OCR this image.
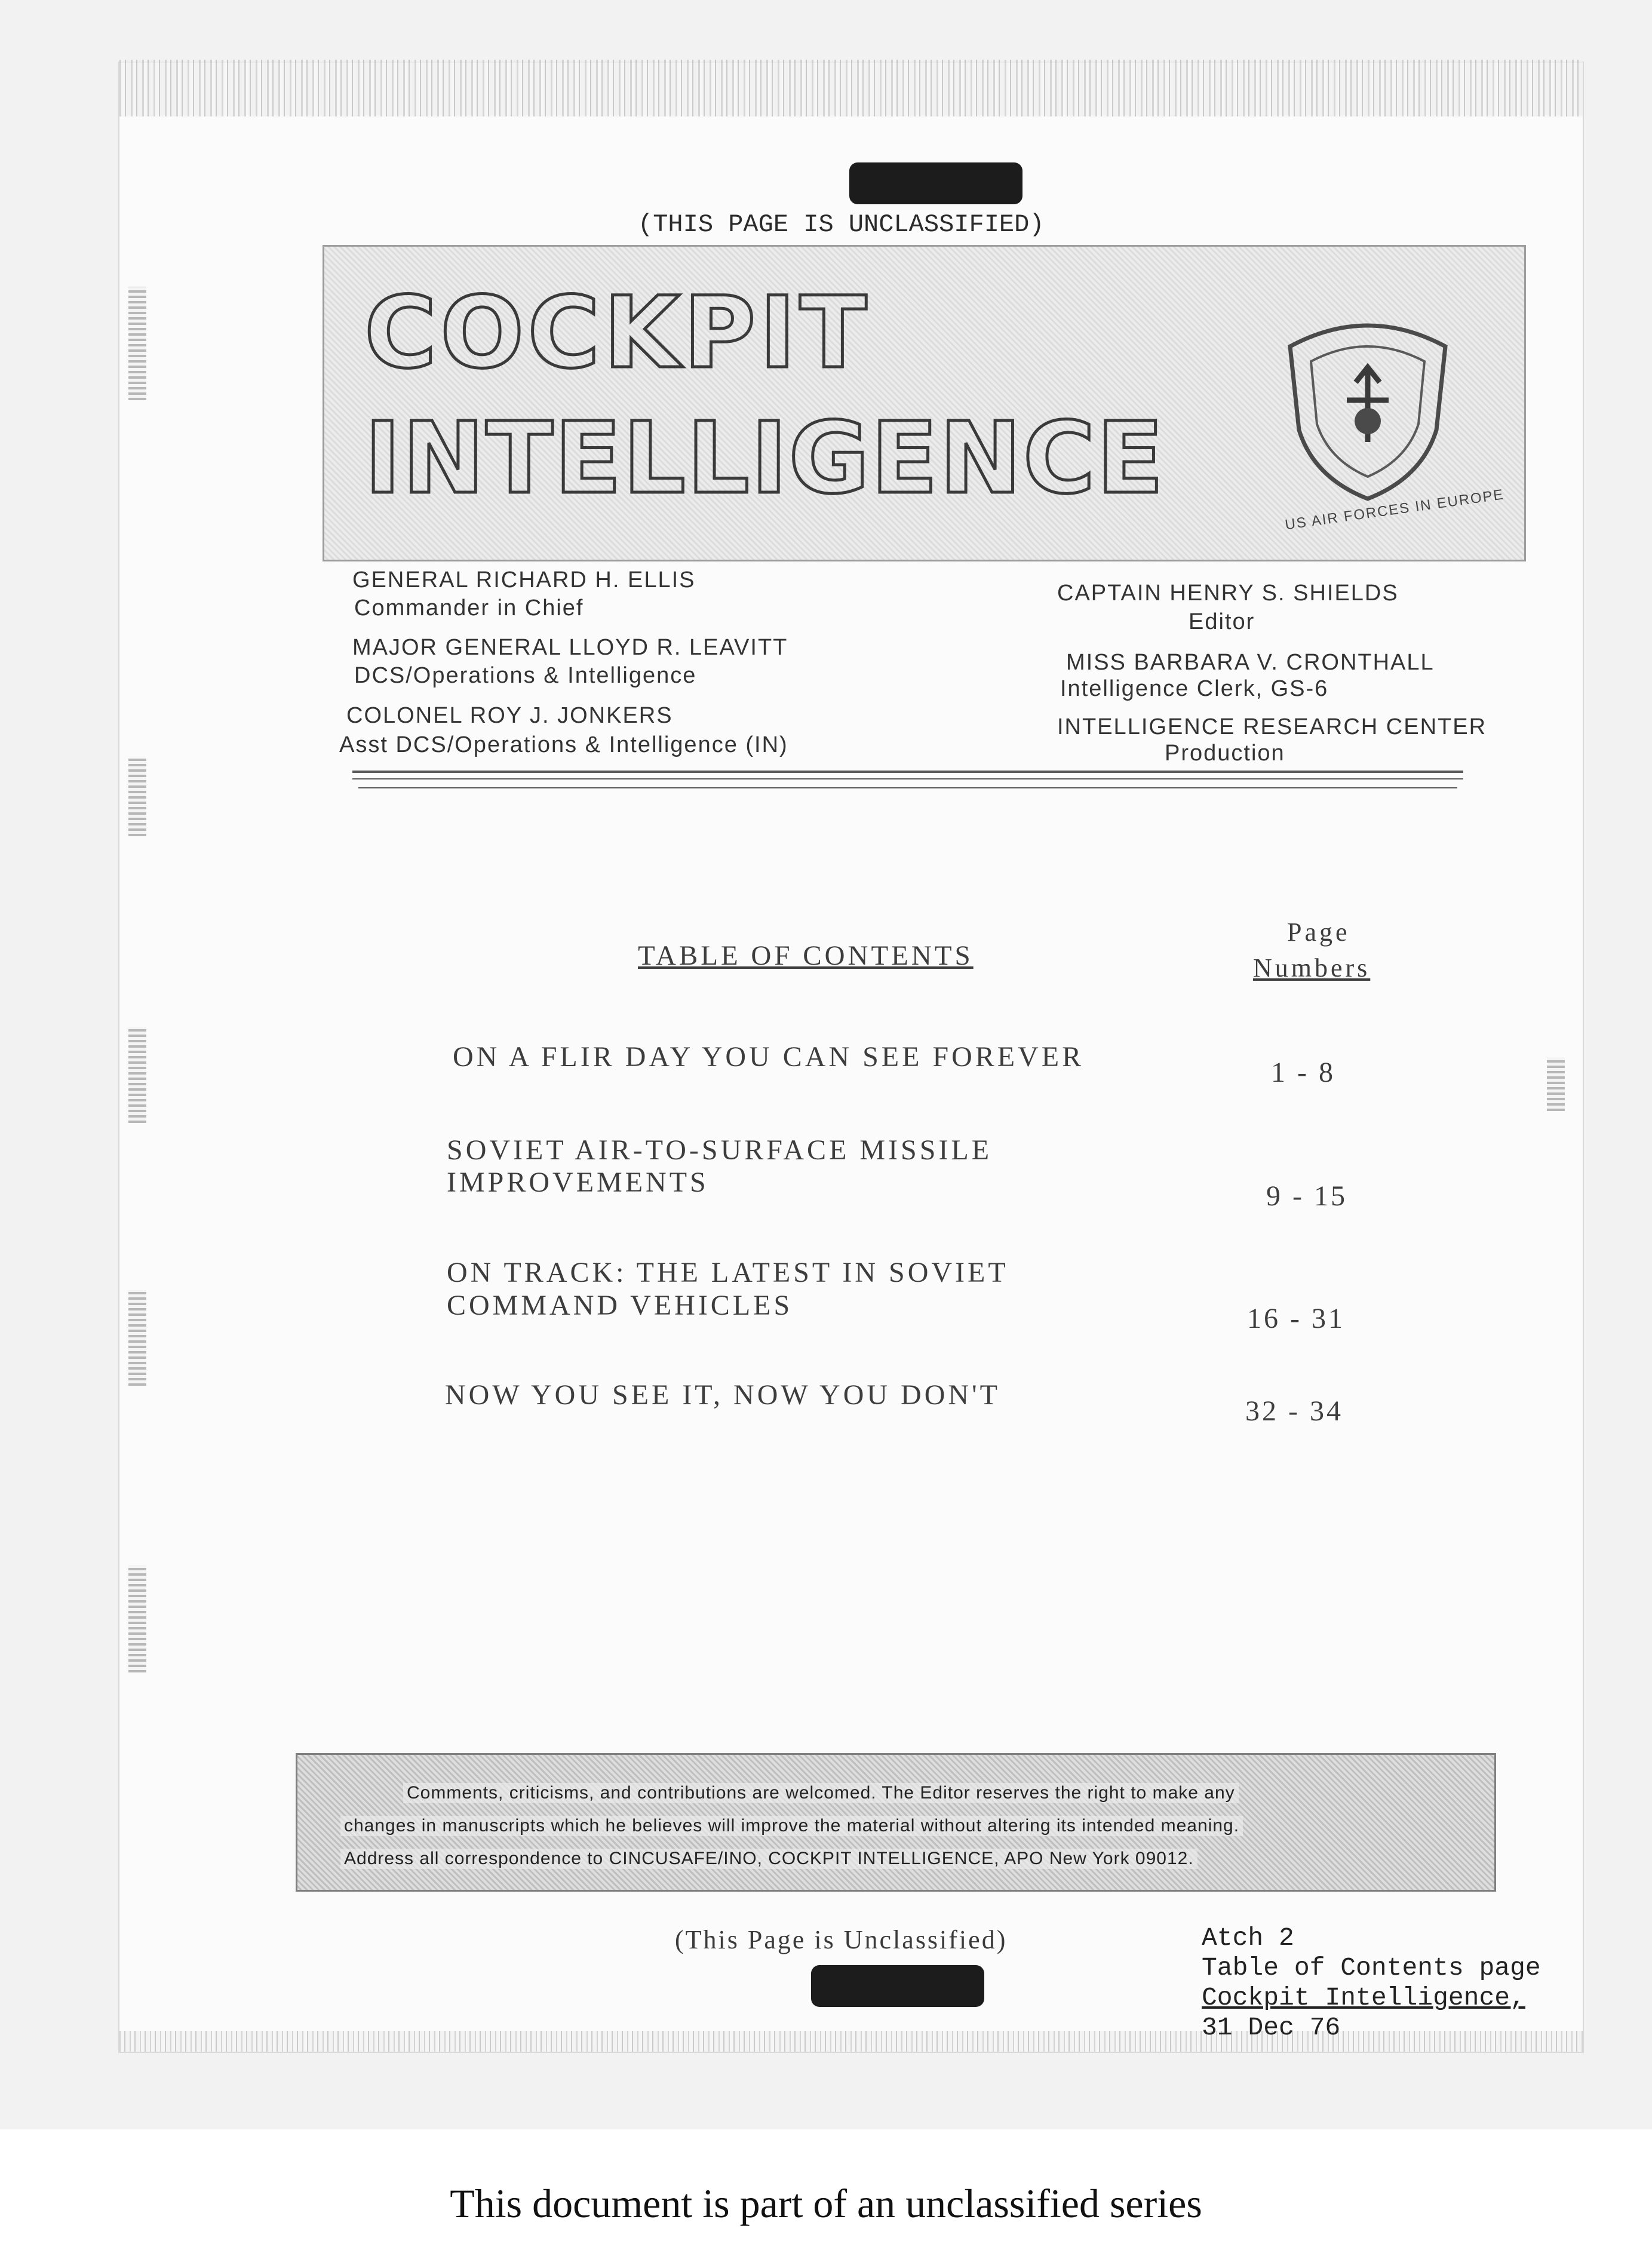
(THIS PAGE IS UNCLASSIFIED)

COCKPIT
INTELLIGENCE	US AIR FORCES IN EUROPE

GENERAL RICHARD H. ELLIS

Commander in Chief

MAJOR GENERAL LLOYD R. LEAVITT

DCS/Operations & Intelligence

COLONEL ROY J. JONKERS

Asst DCS/Operations & Intelligence (IN)

CAPTAIN HENRY S. SHIELDS

Editor

MISS BARBARA V. CRONTHALL

Intelligence Clerk, GS-6

INTELLIGENCE RESEARCH CENTER

Production

TABLE OF CONTENTS

Page

Numbers

ON A FLIR DAY YOU CAN SEE FOREVER	1 - 8

SOVIET AIR-TO-SURFACE MISSILE

IMPROVEMENTS	9 - 15

ON TRACK: THE LATEST IN SOVIET

COMMAND VEHICLES	16 - 31

NOW YOU SEE IT, NOW YOU DON'T

32 - 34

Comments, criticisms, and contributions are welcomed. The Editor reserves the right to make any

changes in manuscripts which he believes will improve the material without altering its intended meaning.

Address all correspondence to CINCUSAFE/INO, COCKPIT INTELLIGENCE, APO New York 09012.

(This Page is Unclassified)	Atch 2

Table of Contents page

Cockpit Intelligence,

31 Dec 76

This document is part of an unclassified series
